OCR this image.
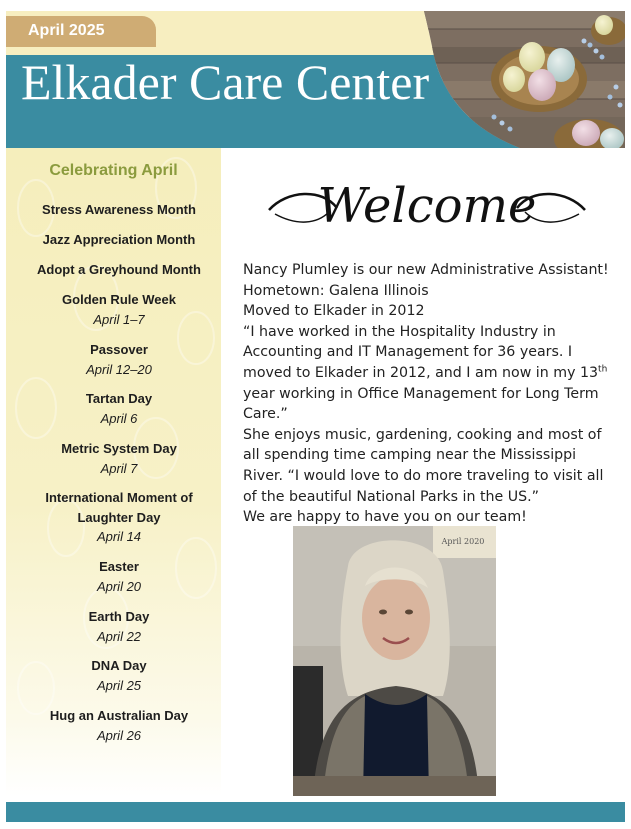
April 2025
Elkader Care Center
Celebrating April
Stress Awareness Month
Jazz Appreciation Month
Adopt a Greyhound Month
Golden Rule Week
April 1–7
Passover
April 12–20
Tartan Day
April 6
Metric System Day
April 7
International Moment of Laughter Day
April 14
Easter
April 20
Earth Day
April 22
DNA Day
April 25
Hug an Australian Day
April 26
Welcome

Nancy Plumley is our new Administrative Assistant!

Hometown: Galena Illinois

Moved to Elkader in 2012

“I have worked in the Hospitality Industry in Accounting and IT Management for 36 years. I moved to Elkader in 2012, and I am now in my 13th year working in Office Management for Long Term Care.”

She enjoys music, gardening, cooking and most of all spending time camping near the Mississippi River. “I would love to do more traveling to visit all of the beautiful National Parks in the US.”

We are happy to have you on our team!

April 2020
